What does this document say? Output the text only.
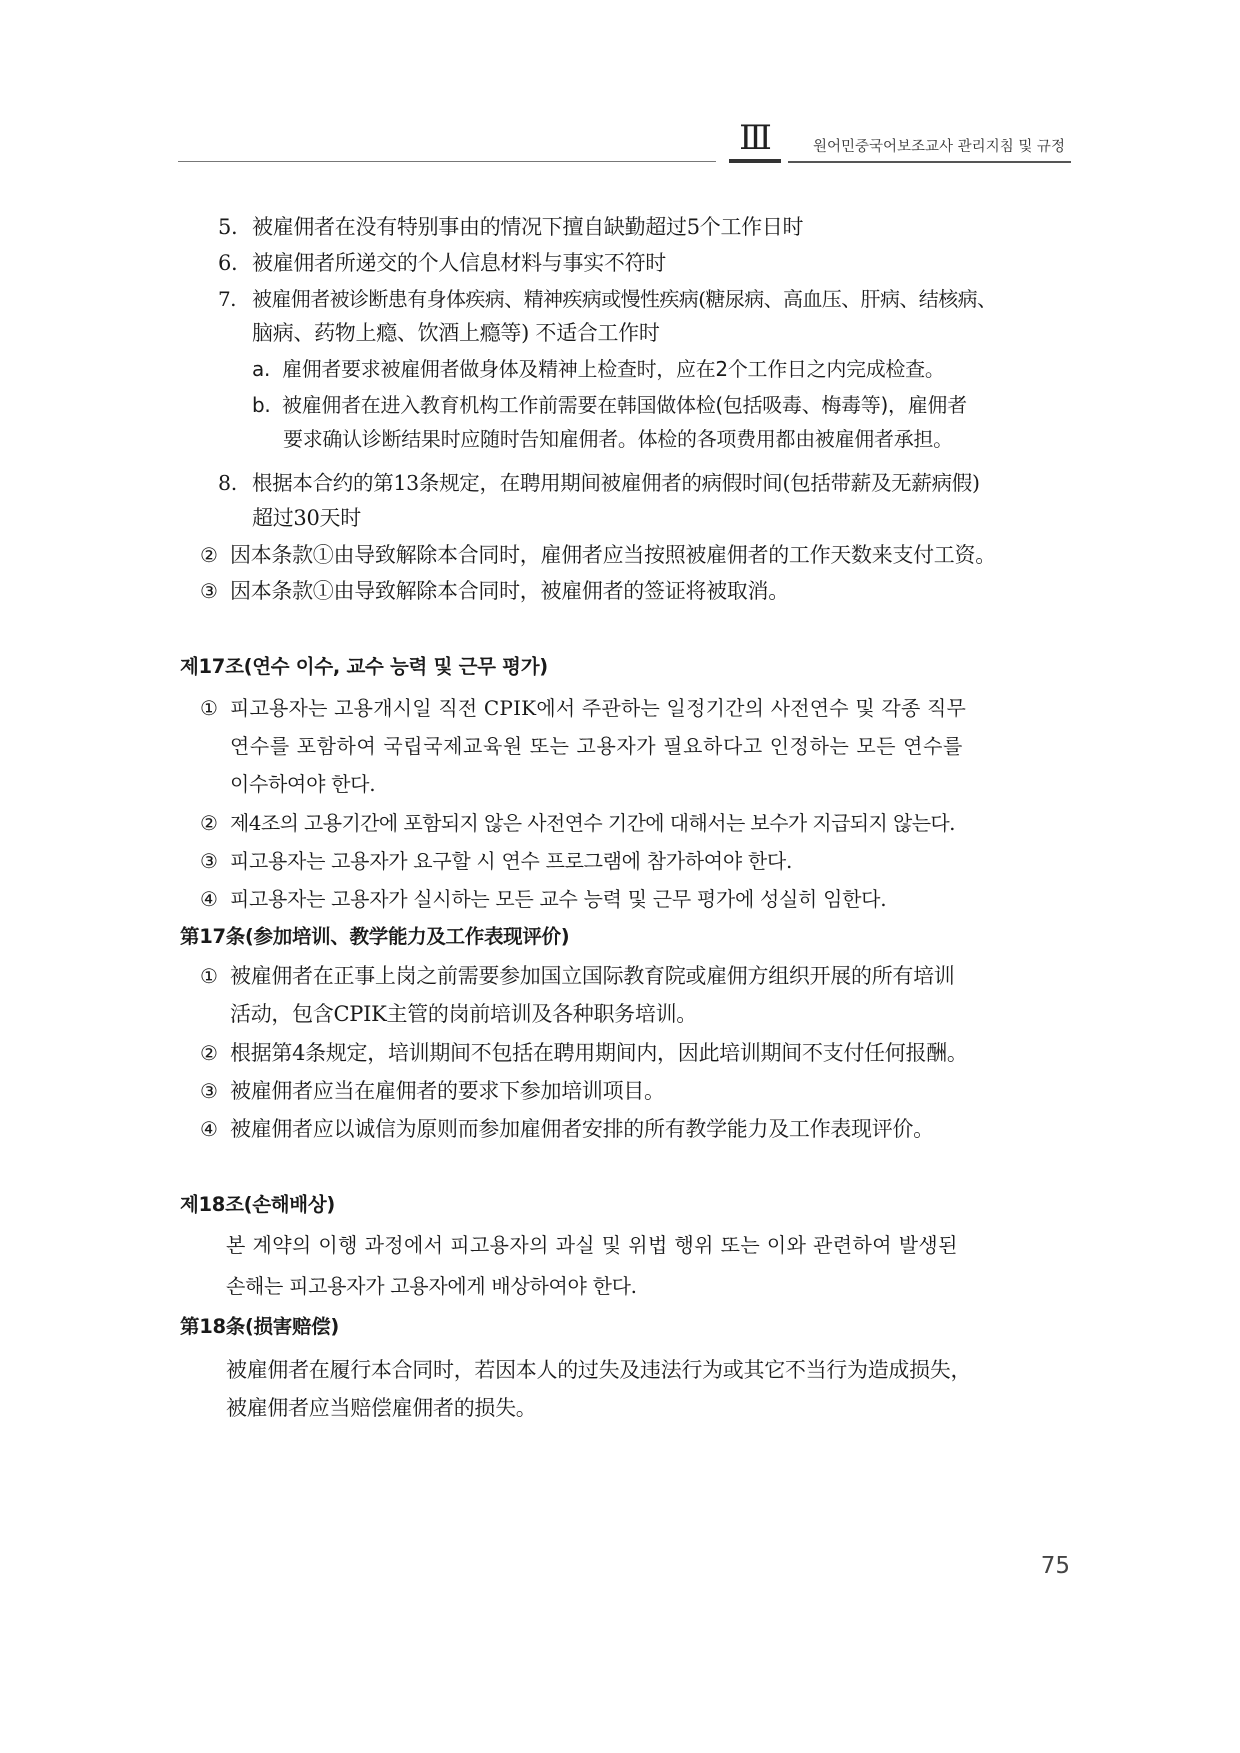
Ⅲ	원어민중국어보조교사 관리지침 및 규정
5. 被雇佣者在没有特别事由的情况下擅自缺勤超过5个工作日时
6. 被雇佣者所递交的个人信息材料与事实不符时
7. 被雇佣者被诊断患有身体疾病、精神疾病或慢性疾病(糖尿病、高血压、肝病、结核病、
脑病、药物上瘾、饮酒上瘾等) 不适合工作时
a. 雇佣者要求被雇佣者做身体及精神上检查时，应在2个工作日之内完成检查。
b. 被雇佣者在进入教育机构工作前需要在韩国做体检(包括吸毒、梅毒等)，雇佣者
要求确认诊断结果时应随时告知雇佣者。体检的各项费用都由被雇佣者承担。
8. 根据本合约的第13条规定，在聘用期间被雇佣者的病假时间(包括带薪及无薪病假)
超过30天时
② 因本条款①由导致解除本合同时，雇佣者应当按照被雇佣者的工作天数来支付工资。
③ 因本条款①由导致解除本合同时，被雇佣者的签证将被取消。
제17조(연수 이수, 교수 능력 및 근무 평가)
① 피고용자는 고용개시일 직전 CPIK에서 주관하는 일정기간의 사전연수 및 각종 직무
연수를 포함하여 국립국제교육원 또는 고용자가 필요하다고 인정하는 모든 연수를
이수하여야 한다.
② 제4조의 고용기간에 포함되지 않은 사전연수 기간에 대해서는 보수가 지급되지 않는다.
③ 피고용자는 고용자가 요구할 시 연수 프로그램에 참가하여야 한다.
④ 피고용자는 고용자가 실시하는 모든 교수 능력 및 근무 평가에 성실히 임한다.
第17条(参加培训、教学能力及工作表现评价)
① 被雇佣者在正事上岗之前需要参加国立国际教育院或雇佣方组织开展的所有培训
活动，包含CPIK主管的岗前培训及各种职务培训。
② 根据第4条规定，培训期间不包括在聘用期间内，因此培训期间不支付任何报酬。
③ 被雇佣者应当在雇佣者的要求下参加培训项目。
④ 被雇佣者应以诚信为原则而参加雇佣者安排的所有教学能力及工作表现评价。
제18조(손해배상)
본 계약의 이행 과정에서 피고용자의 과실 및 위법 행위 또는 이와 관련하여 발생된
손해는 피고용자가 고용자에게 배상하여야 한다.
第18条(损害赔偿)
被雇佣者在履行本合同时，若因本人的过失及违法行为或其它不当行为造成损失，
被雇佣者应当赔偿雇佣者的损失。
75
